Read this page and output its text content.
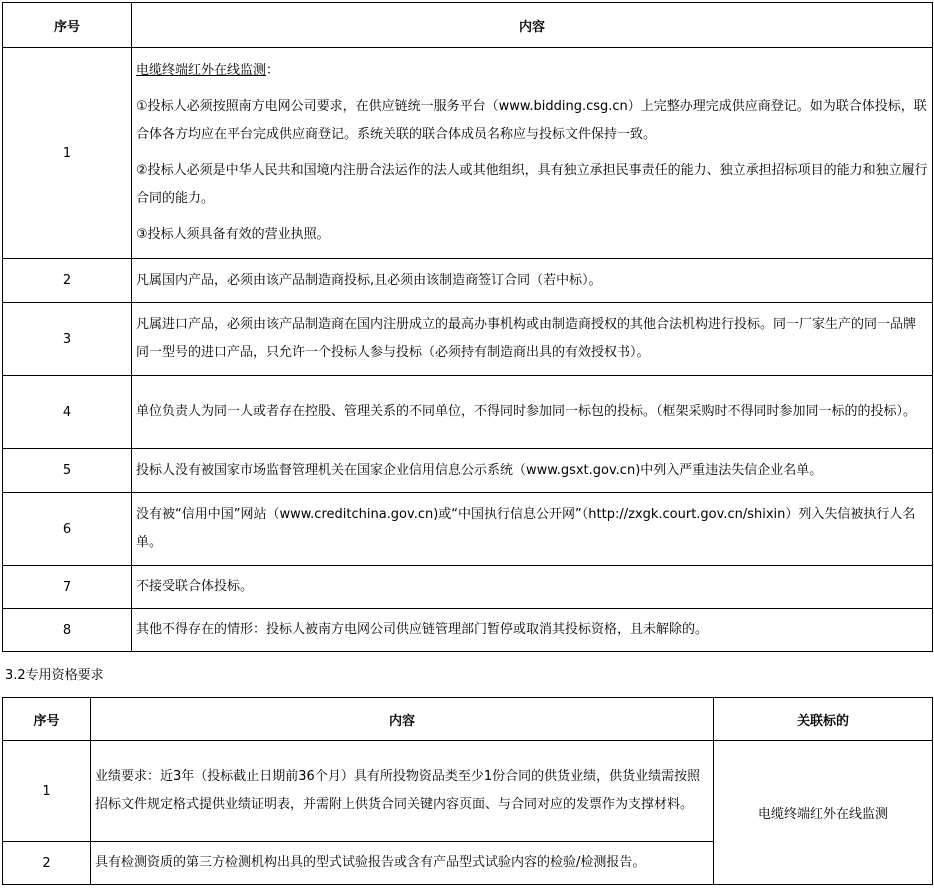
序号	内容
1	电缆终端红外在线监测：

①投标人必须按照南方电网公司要求，在供应链统一服务平台（www.bidding.csg.cn）上完整办理完成供应商登记。如为联合体投标，联合体各方均应在平台完成供应商登记。系统关联的联合体成员名称应与投标文件保持一致。

②投标人必须是中华人民共和国境内注册合法运作的法人或其他组织，具有独立承担民事责任的能力、独立承担招标项目的能力和独立履行合同的能力。

③投标人须具备有效的营业执照。

2	凡属国内产品，必须由该产品制造商投标,且必须由该制造商签订合同（若中标）。
3	凡属进口产品，必须由该产品制造商在国内注册成立的最高办事机构或由制造商授权的其他合法机构进行投标。同一厂家生产的同一品牌同一型号的进口产品，只允许一个投标人参与投标（必须持有制造商出具的有效授权书）。
4	单位负责人为同一人或者存在控股、管理关系的不同单位，不得同时参加同一标包的投标。（框架采购时不得同时参加同一标的的投标）。
5	投标人没有被国家市场监督管理机关在国家企业信用信息公示系统（www.gsxt.gov.cn)中列入严重违法失信企业名单。
6	没有被“信用中国”网站（www.creditchina.gov.cn)或“中国执行信息公开网”（http://zxgk.court.gov.cn/shixin）列入失信被执行人名单。
7	不接受联合体投标。
8	其他不得存在的情形：投标人被南方电网公司供应链管理部门暂停或取消其投标资格，且未解除的。
3.2专用资格要求
序号	内容	关联标的
1	业绩要求：近3年（投标截止日期前36个月）具有所投物资品类至少1份合同的供货业绩，供货业绩需按照招标文件规定格式提供业绩证明表，并需附上供货合同关键内容页面、与合同对应的发票作为支撑材料。	电缆终端红外在线监测
2	具有检测资质的第三方检测机构出具的型式试验报告或含有产品型式试验内容的检验/检测报告。	
